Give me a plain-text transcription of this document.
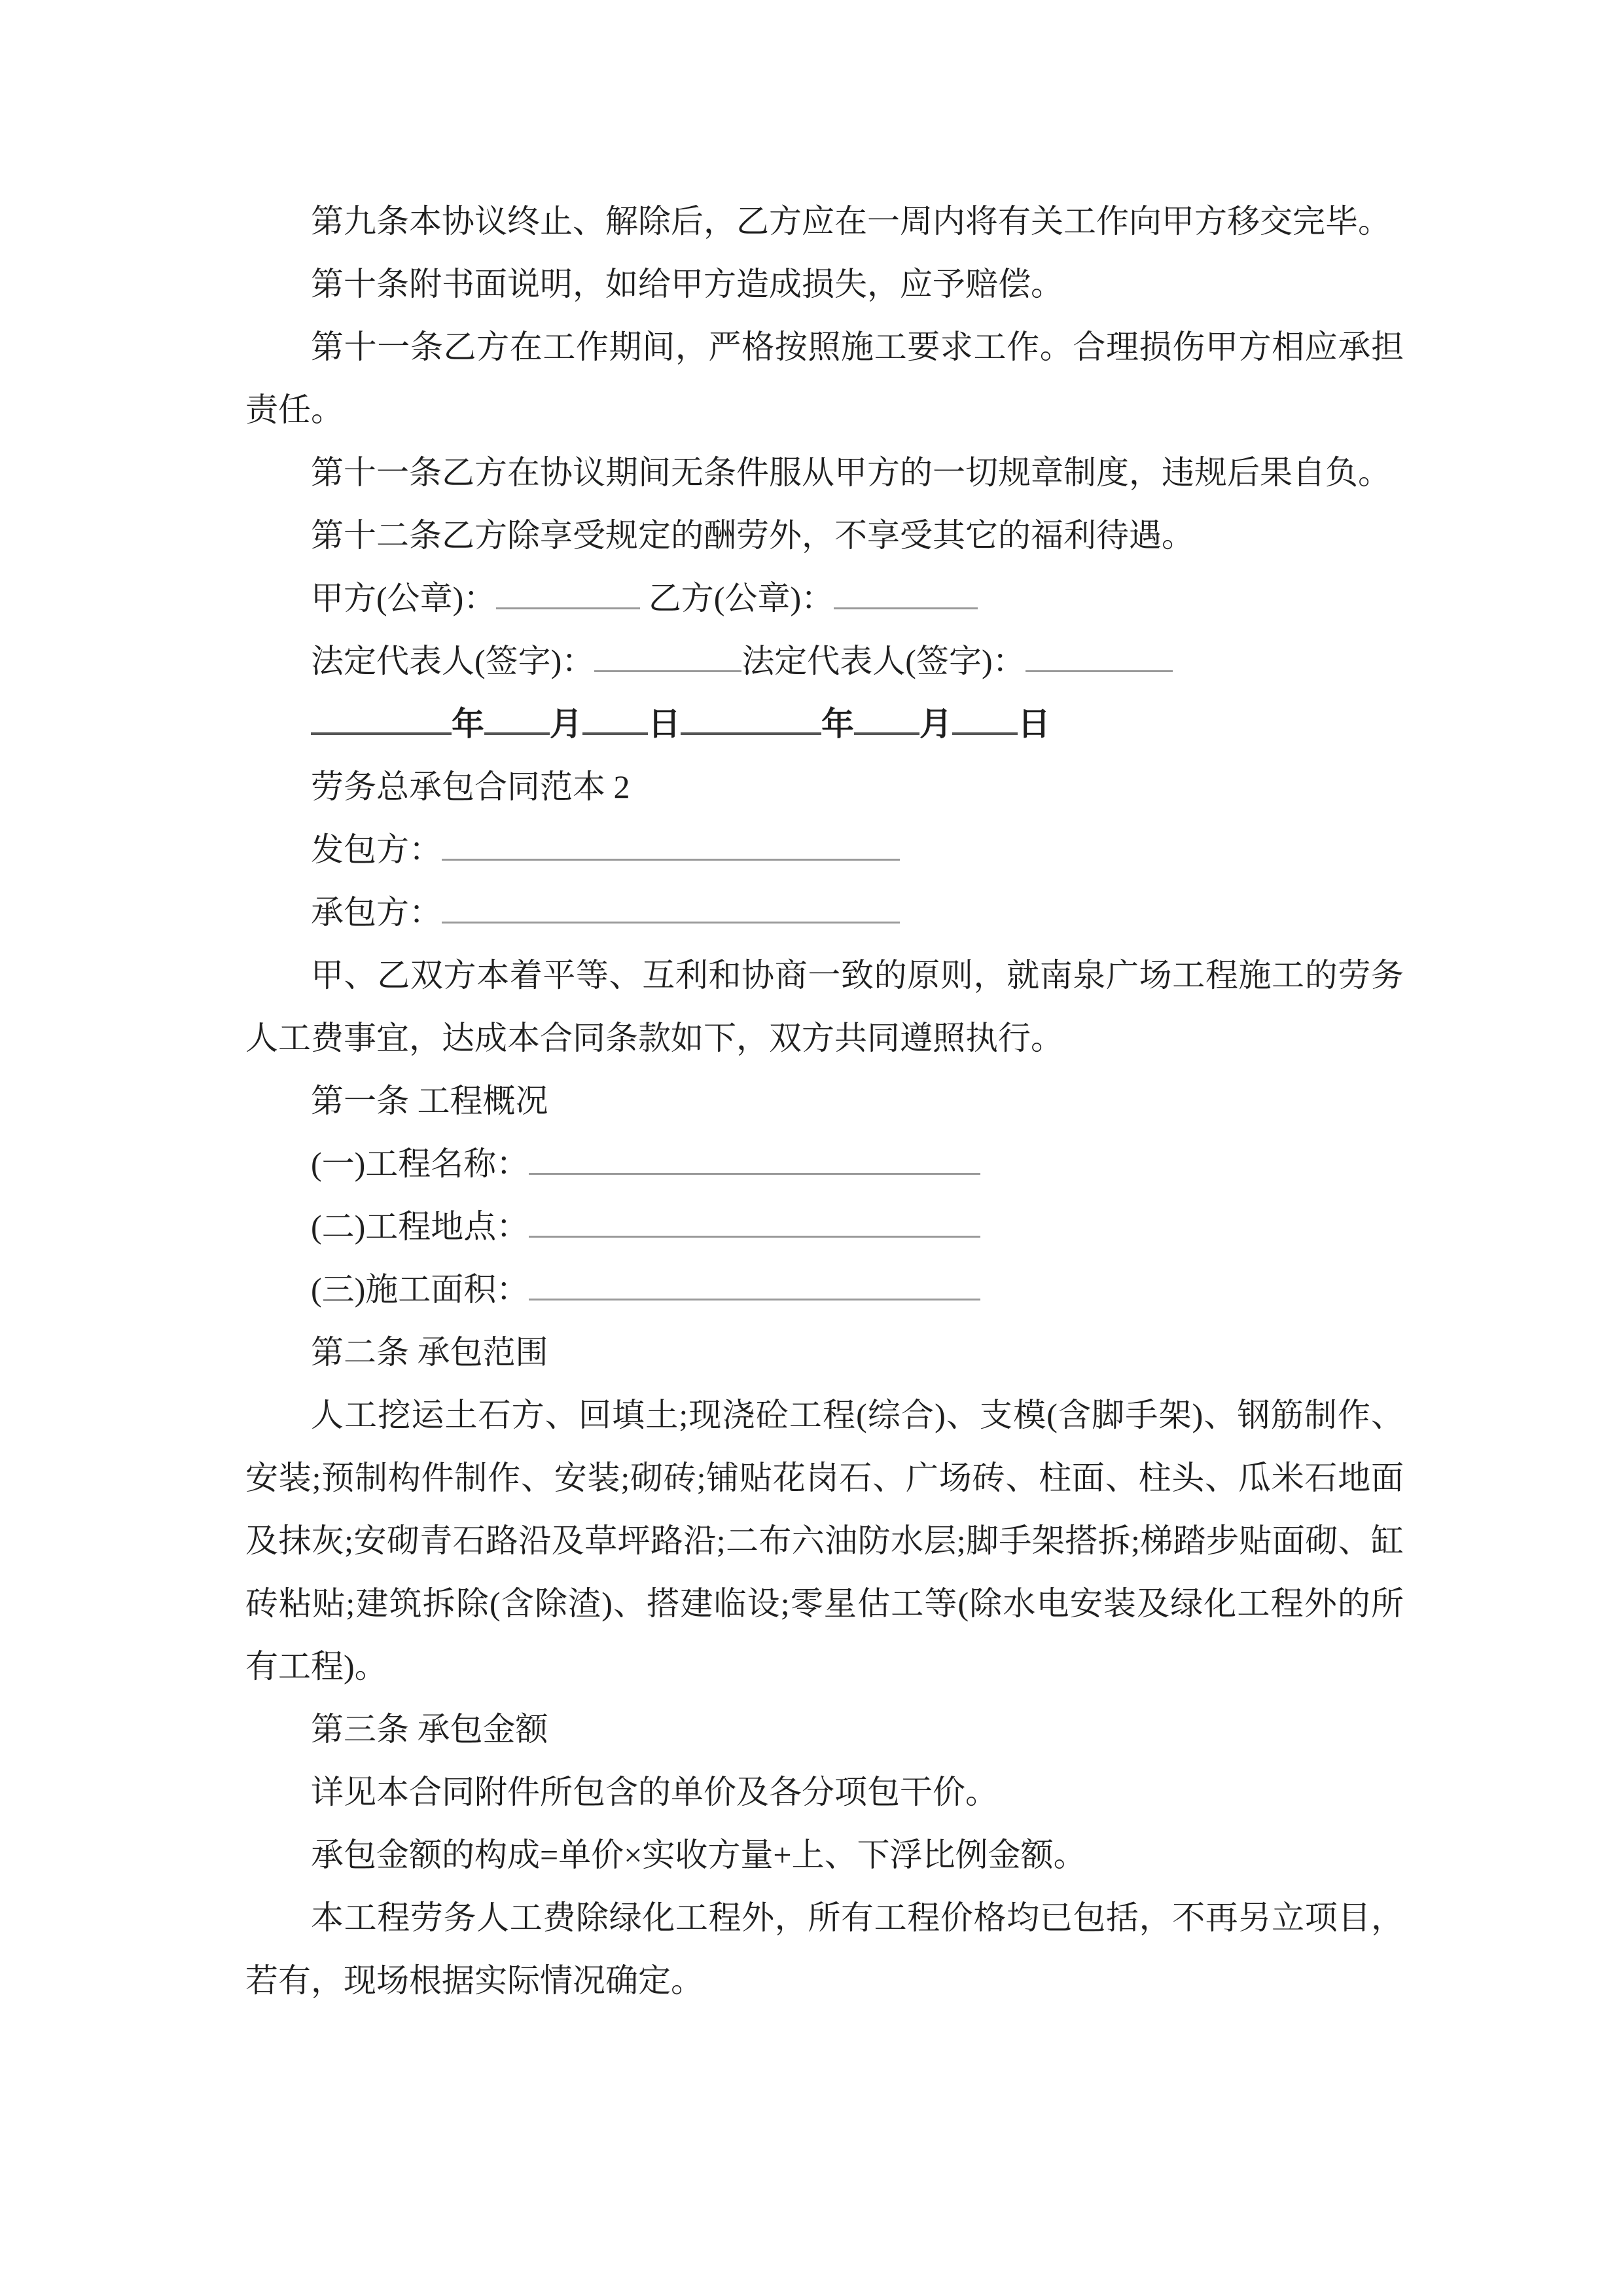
第九条本协议终止、解除后，乙方应在一周内将有关工作向甲方移交完毕。

第十条附书面说明，如给甲方造成损失，应予赔偿。

第十一条乙方在工作期间，严格按照施工要求工作。合理损伤甲方相应承担责任。

第十一条乙方在协议期间无条件服从甲方的一切规章制度，违规后果自负。

第十二条乙方除享受规定的酬劳外，不享受其它的福利待遇。

甲方(公章)：	乙方(公章)：

法定代表人(签字)：	法定代表人(签字)：

年 月 日	年 月 日

劳务总承包合同范本 2

发包方：

承包方：

甲、乙双方本着平等、互利和协商一致的原则，就南泉广场工程施工的劳务人工费事宜，达成本合同条款如下，双方共同遵照执行。

第一条 工程概况

(一)工程名称：

(二)工程地点：

(三)施工面积：

第二条 承包范围

人工挖运土石方、回填土;现浇砼工程(综合)、支模(含脚手架)、钢筋制作、安装;预制构件制作、安装;砌砖;铺贴花岗石、广场砖、柱面、柱头、瓜米石地面及抹灰;安砌青石路沿及草坪路沿;二布六油防水层;脚手架搭拆;梯踏步贴面砌、缸砖粘贴;建筑拆除(含除渣)、搭建临设;零星估工等(除水电安装及绿化工程外的所有工程)。

第三条 承包金额

详见本合同附件所包含的单价及各分项包干价。

承包金额的构成=单价×实收方量+上、下浮比例金额。

本工程劳务人工费除绿化工程外，所有工程价格均已包括，不再另立项目，若有，现场根据实际情况确定。
